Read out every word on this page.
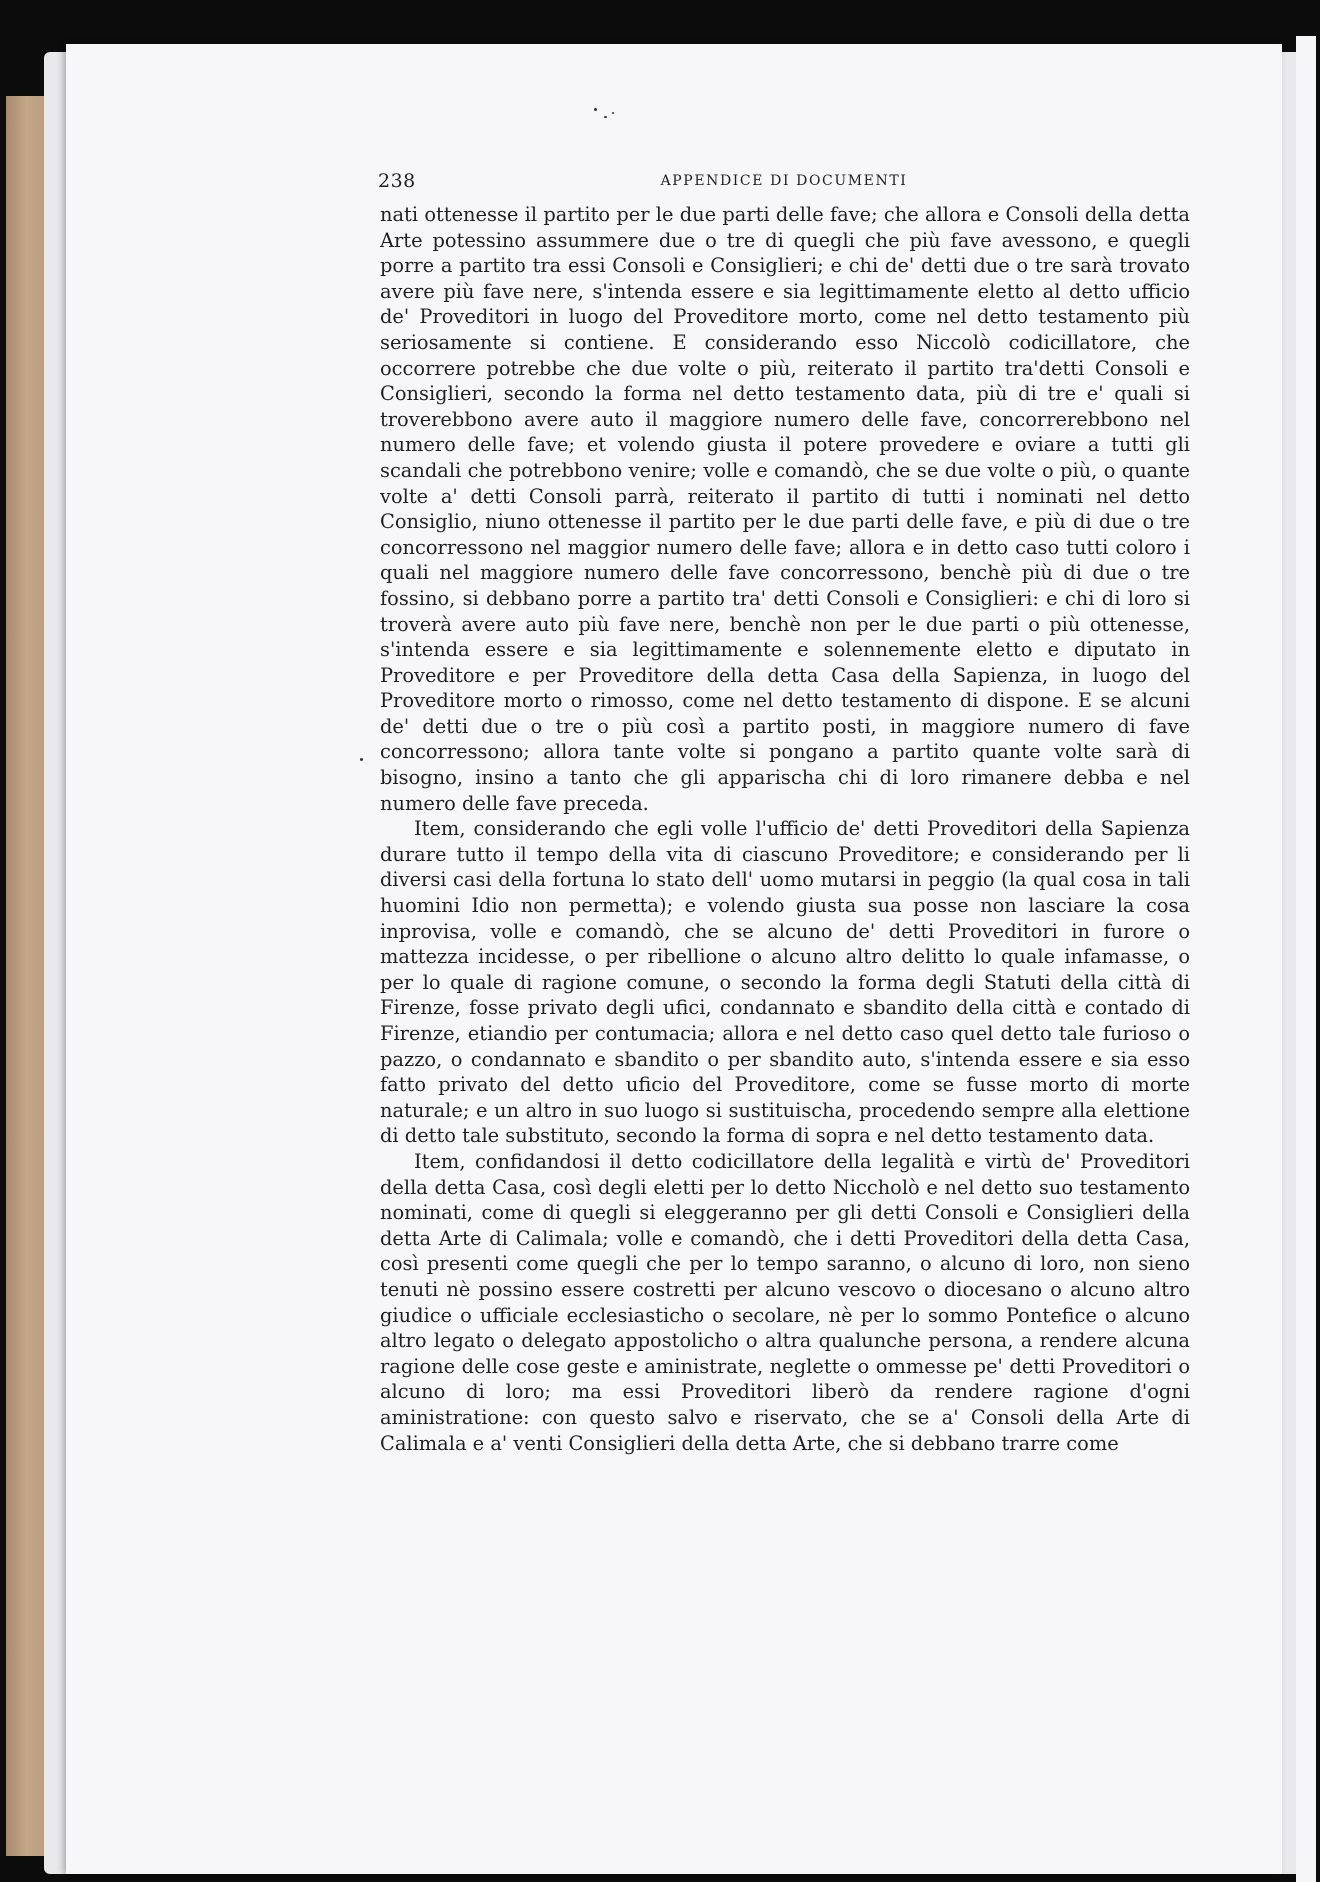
238	APPENDICE DI DOCUMENTI

nati ottenesse il partito per le due parti delle fave; che allora e Consoli della detta Arte potessino assummere due o tre di quegli che più fave avessono, e quegli porre a partito tra essi Consoli e Consiglieri; e chi de' detti due o tre sarà trovato avere più fave nere, s'intenda essere e sia legittimamente eletto al detto ufficio de' Proveditori in luogo del Proveditore morto, come nel detto testamento più seriosamente si contiene. E considerando esso Niccolò codicillatore, che occorrere potrebbe che due volte o più, reiterato il partito tra'detti Consoli e Consiglieri, secondo la forma nel detto testamento data, più di tre e' quali si troverebbono avere auto il maggiore numero delle fave, concorrerebbono nel numero delle fave; et volendo giusta il potere provedere e oviare a tutti gli scandali che potrebbono venire; volle e comandò, che se due volte o più, o quante volte a' detti Consoli parrà, reiterato il partito di tutti i nominati nel detto Consiglio, niuno ottenesse il partito per le due parti delle fave, e più di due o tre concorressono nel maggior numero delle fave; allora e in detto caso tutti coloro i quali nel maggiore numero delle fave concorressono, benchè più di due o tre fossino, si debbano porre a partito tra' detti Consoli e Consiglieri: e chi di loro si troverà avere auto più fave nere, benchè non per le due parti o più ottenesse, s'intenda essere e sia legittimamente e solennemente eletto e diputato in Proveditore e per Proveditore della detta Casa della Sapienza, in luogo del Proveditore morto o rimosso, come nel detto testamento di dispone. E se alcuni de' detti due o tre o più così a partito posti, in maggiore numero di fave concorressono; allora tante volte si pongano a partito quante volte sarà di bisogno, insino a tanto che gli apparischa chi di loro rimanere debba e nel numero delle fave preceda.

Item, considerando che egli volle l'ufficio de' detti Proveditori della Sapienza durare tutto il tempo della vita di ciascuno Proveditore; e considerando per li diversi casi della fortuna lo stato dell' uomo mutarsi in peggio (la qual cosa in tali huomini Idio non permetta); e volendo giusta sua posse non lasciare la cosa inprovisa, volle e comandò, che se alcuno de' detti Proveditori in furore o mattezza incidesse, o per ribellione o alcuno altro delitto lo quale infamasse, o per lo quale di ragione comune, o secondo la forma degli Statuti della città di Firenze, fosse privato degli ufici, condannato e sbandito della città e contado di Firenze, etiandio per contumacia; allora e nel detto caso quel detto tale furioso o pazzo, o condannato e sbandito o per sbandito auto, s'intenda essere e sia esso fatto privato del detto uficio del Proveditore, come se fusse morto di morte naturale; e un altro in suo luogo si sustituischa, procedendo sempre alla elettione di detto tale substituto, secondo la forma di sopra e nel detto testamento data.

Item, confidandosi il detto codicillatore della legalità e virtù de' Proveditori della detta Casa, così degli eletti per lo detto Niccholò e nel detto suo testamento nominati, come di quegli si eleggeranno per gli detti Consoli e Consiglieri della detta Arte di Calimala; volle e comandò, che i detti Proveditori della detta Casa, così presenti come quegli che per lo tempo saranno, o alcuno di loro, non sieno tenuti nè possino essere costretti per alcuno vescovo o diocesano o alcuno altro giudice o ufficiale ecclesiasticho o secolare, nè per lo sommo Pontefice o alcuno altro legato o delegato appostolicho o altra qualunche persona, a rendere alcuna ragione delle cose geste e aministrate, neglette o ommesse pe' detti Proveditori o alcuno di loro; ma essi Proveditori liberò da rendere ragione d'ogni aministratione: con questo salvo e riservato, che se a' Consoli della Arte di Calimala e a' venti Consiglieri della detta Arte, che si debbano trarre come
